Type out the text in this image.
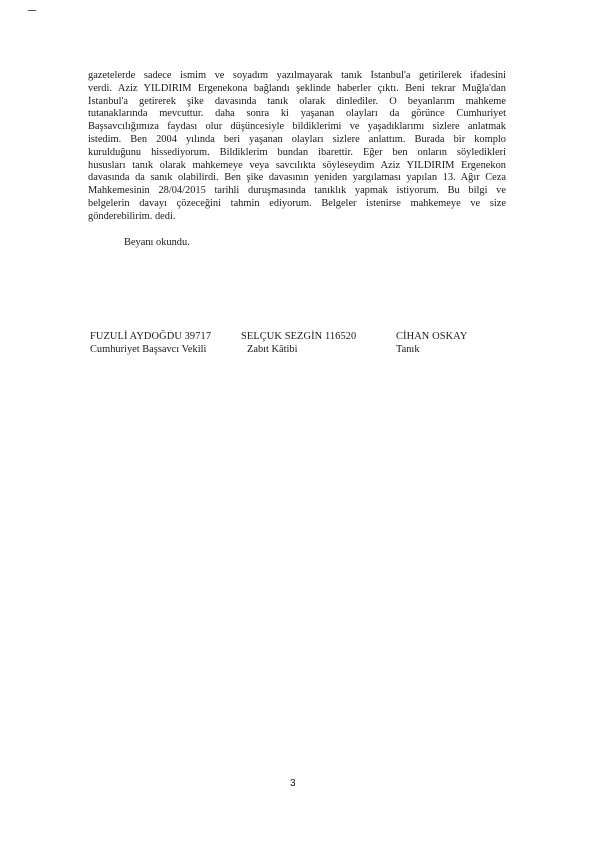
gazetelerde sadece ismim ve soyadım yazılmayarak tanık İstanbul'a getirilerek ifadesini
verdi. Aziz YILDIRIM Ergenekona bağlandı şeklinde haberler çıktı. Beni tekrar Muğla'dan
İstanbul'a getirerek şike davasında tanık olarak dinlediler. O beyanlarım mahkeme
tutanaklarında mevcuttur. daha sonra ki yaşanan olayları da görünce Cumhuriyet
Başsavcılığımıza faydası olur düşüncesiyle bildiklerimi ve yaşadıklarımı sizlere anlatmak
istedim. Ben 2004 yılında beri yaşanan olayları sizlere anlattım. Burada bir komplo
kurulduğunu hissediyorum. Bildiklerim bundan ibarettir. Eğer ben onların söyledikleri
hususları tanık olarak mahkemeye veya savcılıkta söyleseydim Aziz YILDIRIM Ergenekon
davasında da sanık olabilirdi. Ben şike davasının yeniden yargılaması yapılan 13. Ağır Ceza
Mahkemesinin 28/04/2015 tarihli duruşmasında tanıklık yapmak istiyorum. Bu bilgi ve
belgelerin davayı çözeceğini tahmin ediyorum. Belgeler istenirse mahkemeye ve size
gönderebilirim. dedi.
Beyanı okundu.
FUZULİ AYDOĞDU 39717
Cumhuriyet Başsavcı Vekili
SELÇUK SEZGİN 116520
Zabıt Kâtibi
CİHAN OSKAY
Tanık
3
